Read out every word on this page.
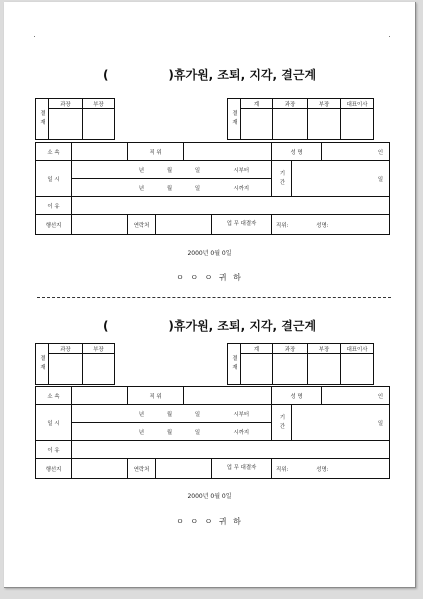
(	)휴가원, 조퇴, 지각, 결근계
결 재	과장	부장		결 재	계	과장	부장	대표이사

소 속		직 위				성 명		인
일 시		년	월	일	시부터	기 간	일	
		년	월	일	시까지			
이 유								
행선지		연락처			업 무 대결자	직위: 성명:		
2000년 0월 0일
ㅇ ㅇ ㅇ 귀 하
(	)휴가원, 조퇴, 지각, 결근계
결 재	과장	부장		결 재	계	과장	부장	대표이사

소 속		직 위				성 명		인
일 시		년	월	일	시부터	기 간	일	
		년	월	일	시까지			
이 유								
행선지		연락처			업 무 대결자	직위: 성명:		
2000년 0월 0일
ㅇ ㅇ ㅇ 귀 하
